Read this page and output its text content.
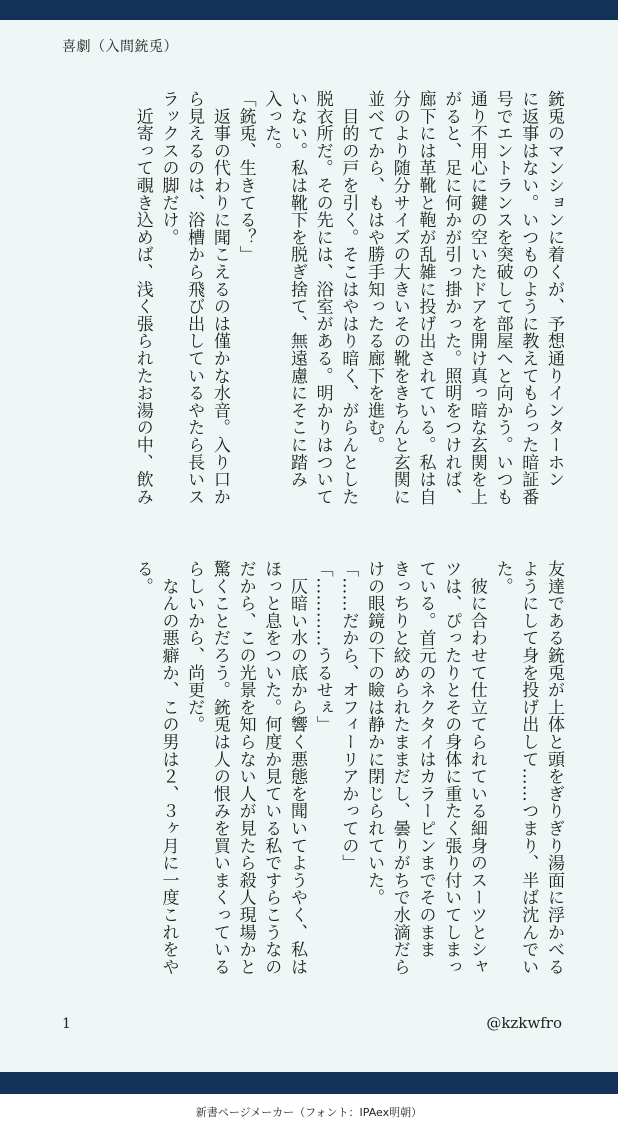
喜劇（入間銃兎）
銃兎のマンションに着くが、予想通りインターホン
に返事はない。いつものように教えてもらった暗証番
号でエントランスを突破して部屋へと向かう。いつも
通り不用心に鍵の空いたドアを開け真っ暗な玄関を上
がると、足に何かが引っ掛かった。照明をつければ、
廊下には革靴と鞄が乱雑に投げ出されている。私は自
分のより随分サイズの大きいその靴をきちんと玄関に
並べてから、もはや勝手知ったる廊下を進む。
　目的の戸を引く。そこはやはり暗く、がらんとした
脱衣所だ。その先には、浴室がある。明かりはついて
いない。私は靴下を脱ぎ捨て、無遠慮にそこに踏み
入った。
「銃兎、生きてる？」
　返事の代わりに聞こえるのは僅かな水音。入り口か
ら見えるのは、浴槽から飛び出しているやたら長いス
ラックスの脚だけ。
　近寄って覗き込めば、浅く張られたお湯の中、飲み
友達である銃兎が上体と頭をぎりぎり湯面に浮かべる
ようにして身を投げ出して……つまり、半ば沈んでい
た。
　彼に合わせて仕立てられている細身のスーツとシャ
ツは、ぴったりとその身体に重たく張り付いてしまっ
ている。首元のネクタイはカラーピンまでそのまま
きっちりと絞められたままだし、曇りがちで水滴だら
けの眼鏡の下の瞼は静かに閉じられていた。
「……だから、オフィーリアかっての」
「…………うるせぇ」
　仄暗い水の底から響く悪態を聞いてようやく、私は
ほっと息をついた。何度か見ている私ですらこうなの
だから、この光景を知らない人が見たら殺人現場かと
驚くことだろう。銃兎は人の恨みを買いまくっている
らしいから、尚更だ。
　なんの悪癖か、この男は２、３ヶ月に一度これをや
る。
1	@kzkwfro
新書ページメーカー（フォント：IPAex明朝）
